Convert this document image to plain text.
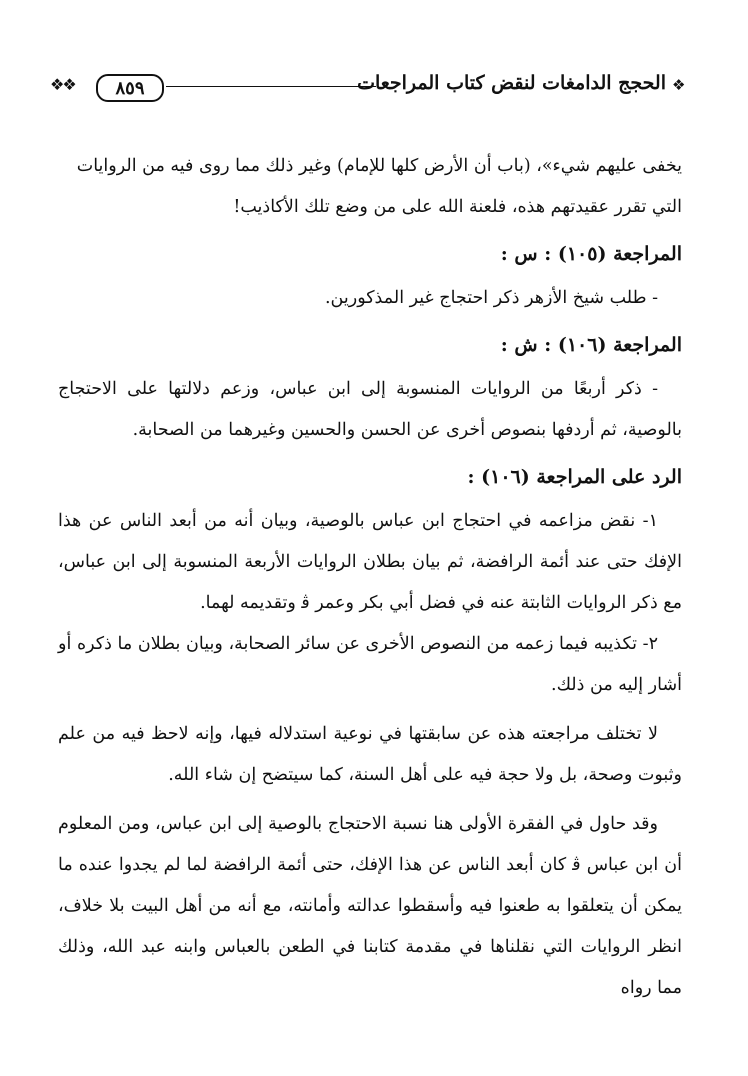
❖❖	٨٥٩	الحجج الدامغات لنقض كتاب المراجعات ❖

يخفى عليهم شيء»، (باب أن الأرض كلها للإمام) وغير ذلك مما روى فيه من الروايات

التي تقرر عقيدتهم هذه، فلعنة الله على من وضع تلك الأكاذيب!

المراجعة (١٠٥) : س :

- طلب شيخ الأزهر ذكر احتجاج غير المذكورين.

المراجعة (١٠٦) : ش :

- ذكر أربعًا من الروايات المنسوبة إلى ابن عباس، وزعم دلالتها على الاحتجاج بالوصية، ثم أردفها بنصوص أخرى عن الحسن والحسين وغيرهما من الصحابة.

الرد على المراجعة (١٠٦) :

١- نقض مزاعمه في احتجاج ابن عباس بالوصية، وبيان أنه من أبعد الناس عن هذا الإفك حتى عند أئمة الرافضة، ثم بيان بطلان الروايات الأربعة المنسوبة إلى ابن عباس، مع ذكر الروايات الثابتة عنه في فضل أبي بكر وعمر ﭬ وتقديمه لهما.

٢- تكذيبه فيما زعمه من النصوص الأخرى عن سائر الصحابة، وبيان بطلان ما ذكره أو أشار إليه من ذلك.

لا تختلف مراجعته هذه عن سابقتها في نوعية استدلاله فيها، وإنه لاحظ فيه من علم وثبوت وصحة، بل ولا حجة فيه على أهل السنة، كما سيتضح إن شاء الله.

وقد حاول في الفقرة الأولى هنا نسبة الاحتجاج بالوصية إلى ابن عباس، ومن المعلوم أن ابن عباس ﭬ كان أبعد الناس عن هذا الإفك، حتى أئمة الرافضة لما لم يجدوا عنده ما يمكن أن يتعلقوا به طعنوا فيه وأسقطوا عدالته وأمانته، مع أنه من أهل البيت بلا خلاف، انظر الروايات التي نقلناها في مقدمة كتابنا في الطعن بالعباس وابنه عبد الله، وذلك مما رواه
